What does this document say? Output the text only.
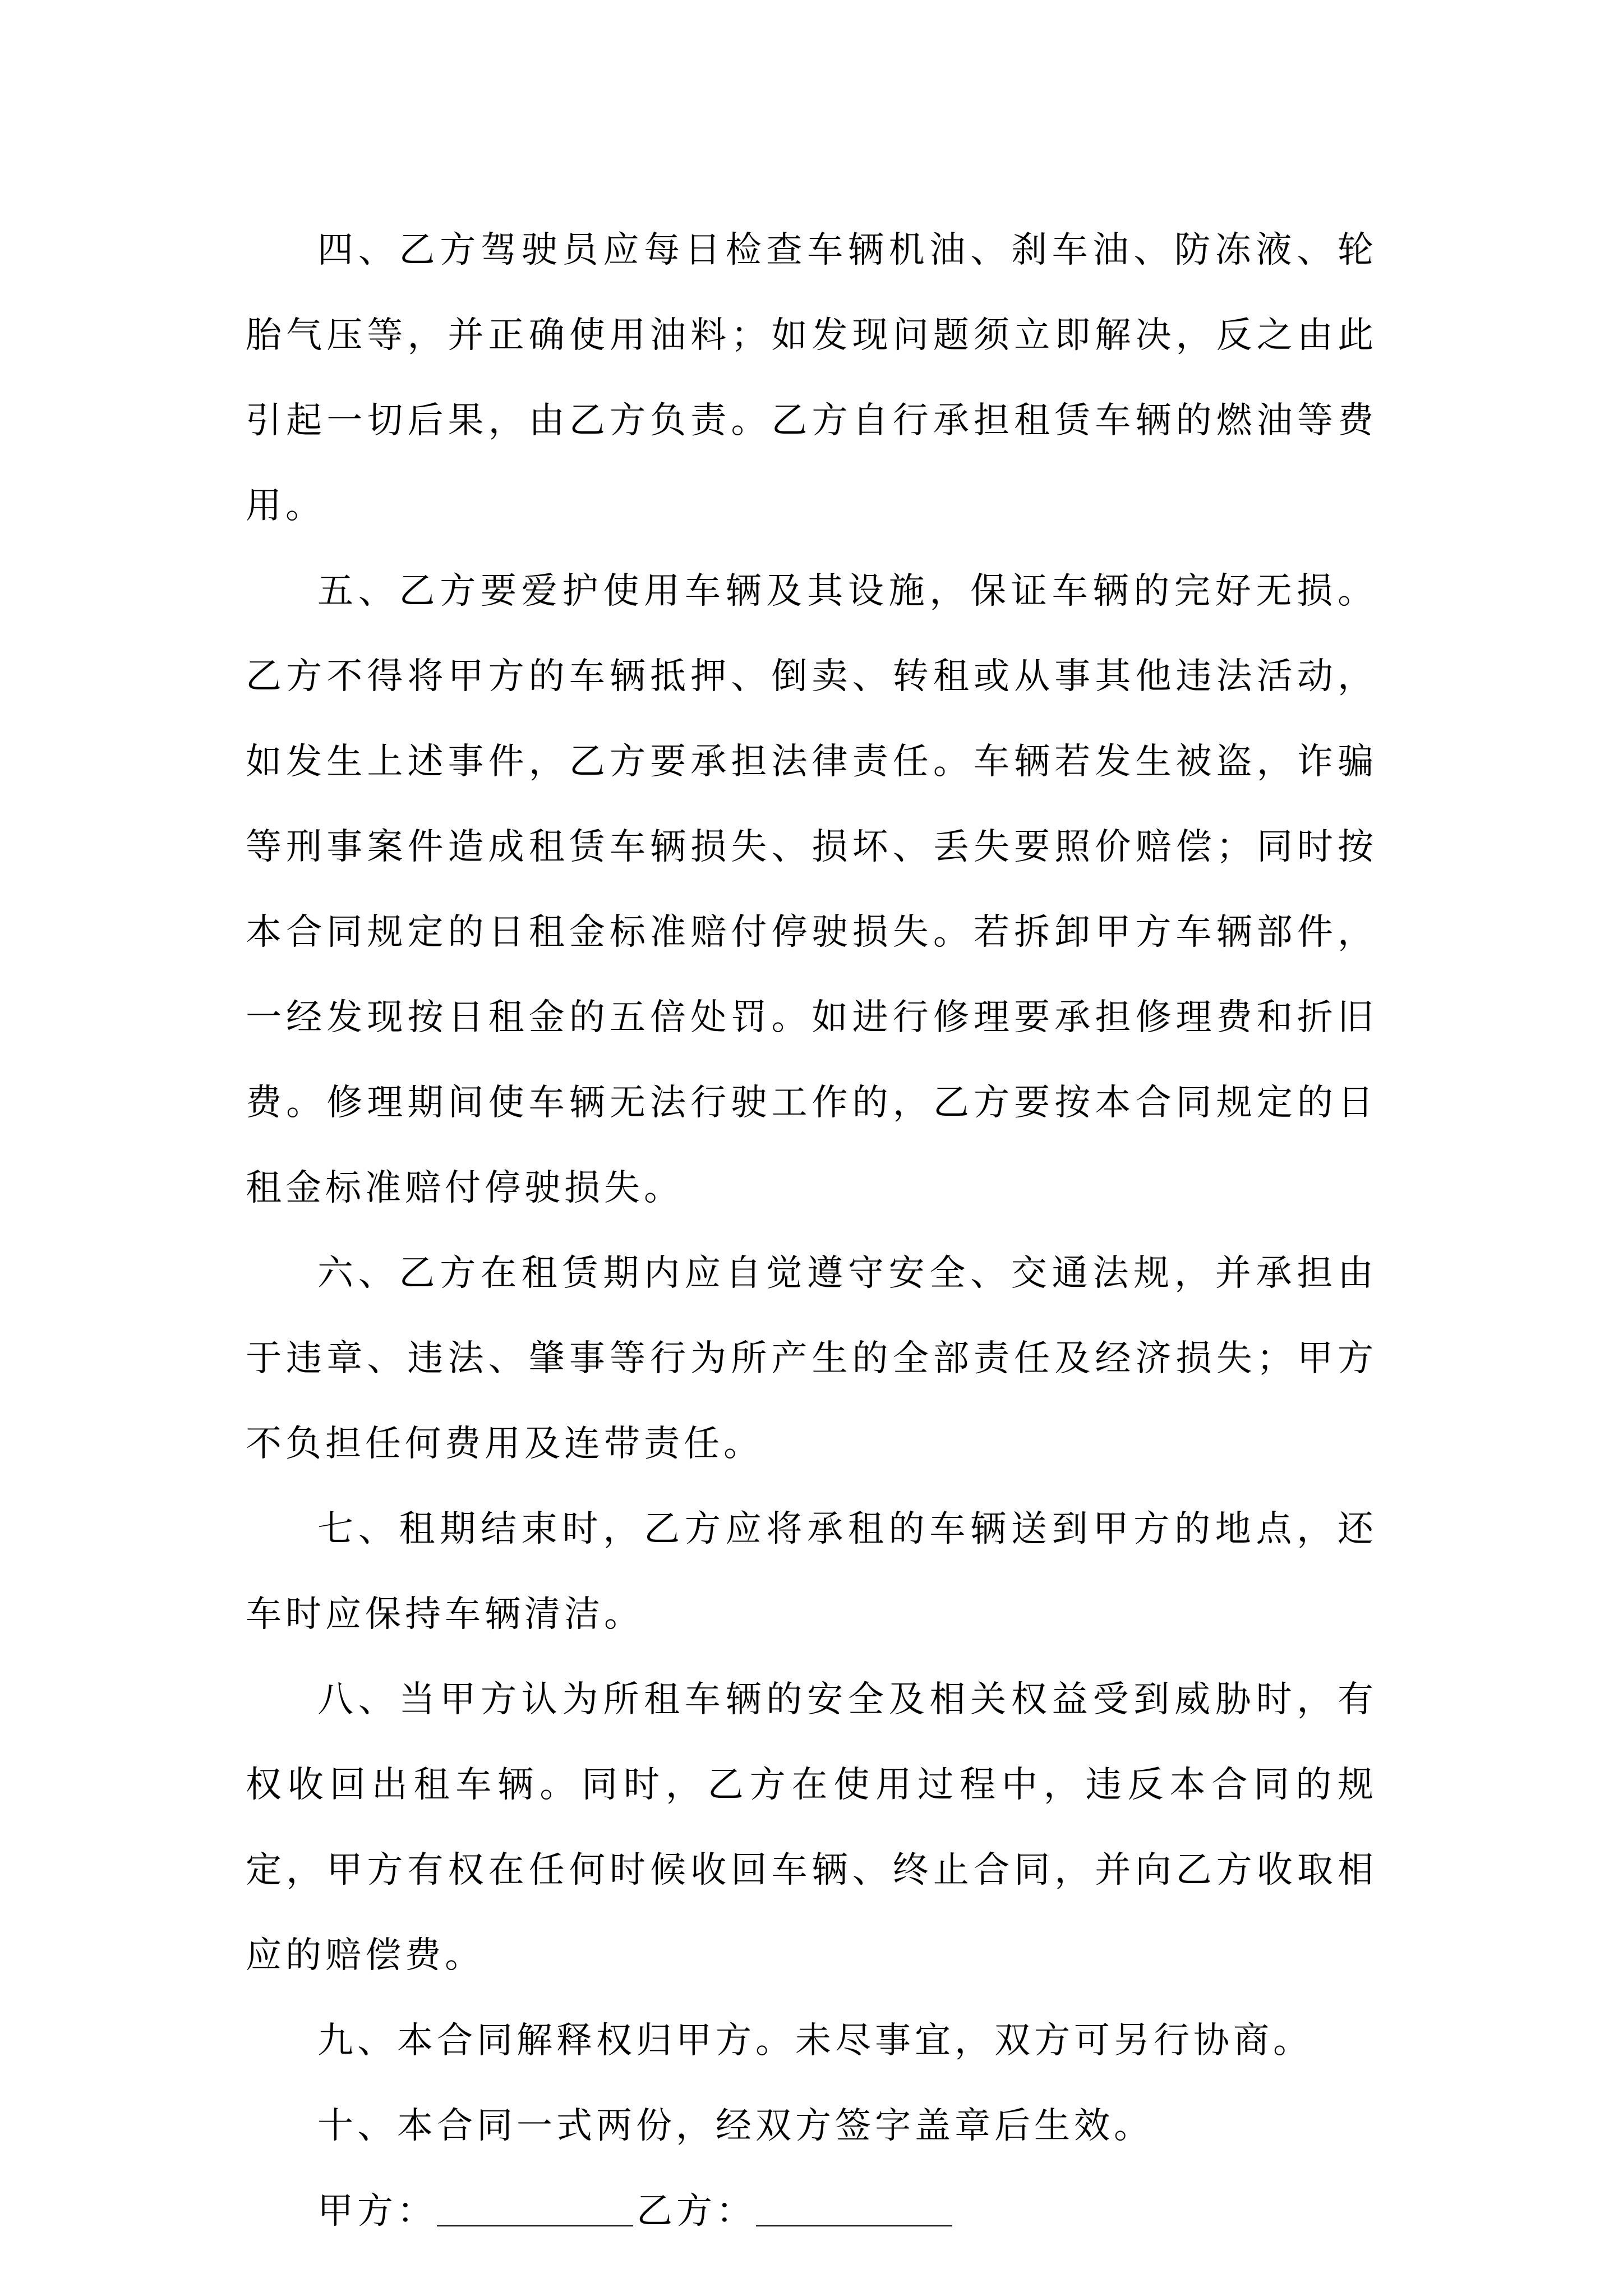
四、乙方驾驶员应每日检查车辆机油、刹车油、防冻液、轮胎气压等，并正确使用油料；如发现问题须立即解决，反之由此引起一切后果，由乙方负责。乙方自行承担租赁车辆的燃油等费用。

五、乙方要爱护使用车辆及其设施，保证车辆的完好无损。乙方不得将甲方的车辆抵押、倒卖、转租或从事其他违法活动，如发生上述事件，乙方要承担法律责任。车辆若发生被盗，诈骗等刑事案件造成租赁车辆损失、损坏、丢失要照价赔偿；同时按本合同规定的日租金标准赔付停驶损失。若拆卸甲方车辆部件，一经发现按日租金的五倍处罚。如进行修理要承担修理费和折旧费。修理期间使车辆无法行驶工作的，乙方要按本合同规定的日租金标准赔付停驶损失。

六、乙方在租赁期内应自觉遵守安全、交通法规，并承担由于违章、违法、肇事等行为所产生的全部责任及经济损失；甲方不负担任何费用及连带责任。

七、租期结束时，乙方应将承租的车辆送到甲方的地点，还车时应保持车辆清洁。

八、当甲方认为所租车辆的安全及相关权益受到威胁时，有权收回出租车辆。同时，乙方在使用过程中，违反本合同的规定，甲方有权在任何时候收回车辆、终止合同，并向乙方收取相应的赔偿费。

九、本合同解释权归甲方。未尽事宜，双方可另行协商。

十、本合同一式两份，经双方签字盖章后生效。

甲方：	乙方：
